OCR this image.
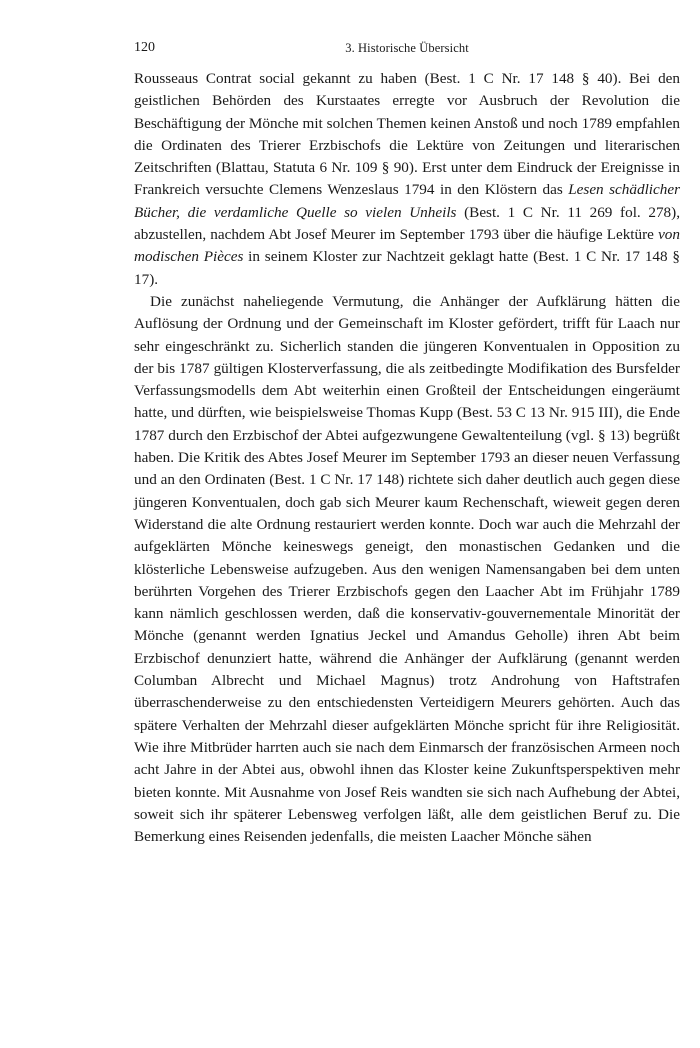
120	3. Historische Übersicht

Rousseaus Contrat social gekannt zu haben (Best. 1 C Nr. 17 148 § 40). Bei den geistlichen Behörden des Kurstaates erregte vor Ausbruch der Revolution die Beschäftigung der Mönche mit solchen Themen keinen Anstoß und noch 1789 empfahlen die Ordinaten des Trierer Erzbischofs die Lektüre von Zeitungen und literarischen Zeitschriften (Blattau, Statuta 6 Nr. 109 § 90). Erst unter dem Eindruck der Ereignisse in Frankreich versuchte Clemens Wenzeslaus 1794 in den Klöstern das Lesen schädlicher Bücher, die verdamliche Quelle so vielen Unheils (Best. 1 C Nr. 11 269 fol. 278), abzustellen, nachdem Abt Josef Meurer im September 1793 über die häufige Lektüre von modischen Pièces in seinem Kloster zur Nachtzeit geklagt hatte (Best. 1 C Nr. 17 148 § 17).

Die zunächst naheliegende Vermutung, die Anhänger der Aufklärung hätten die Auflösung der Ordnung und der Gemeinschaft im Kloster gefördert, trifft für Laach nur sehr eingeschränkt zu. Sicherlich standen die jüngeren Konventualen in Opposition zu der bis 1787 gültigen Klosterverfassung, die als zeitbedingte Modifikation des Bursfelder Verfassungsmodells dem Abt weiterhin einen Großteil der Entscheidungen eingeräumt hatte, und dürften, wie beispielsweise Thomas Kupp (Best. 53 C 13 Nr. 915 III), die Ende 1787 durch den Erzbischof der Abtei aufgezwungene Gewaltenteilung (vgl. § 13) begrüßt haben. Die Kritik des Abtes Josef Meurer im September 1793 an dieser neuen Verfassung und an den Ordinaten (Best. 1 C Nr. 17 148) richtete sich daher deutlich auch gegen diese jüngeren Konventualen, doch gab sich Meurer kaum Rechenschaft, wieweit gegen deren Widerstand die alte Ordnung restauriert werden konnte. Doch war auch die Mehrzahl der aufgeklärten Mönche keineswegs geneigt, den monastischen Gedanken und die klösterliche Lebensweise aufzugeben. Aus den wenigen Namensangaben bei dem unten berührten Vorgehen des Trierer Erzbischofs gegen den Laacher Abt im Frühjahr 1789 kann nämlich geschlossen werden, daß die konservativ-gouvernementale Minorität der Mönche (genannt werden Ignatius Jeckel und Amandus Geholle) ihren Abt beim Erzbischof denunziert hatte, während die Anhänger der Aufklärung (genannt werden Columban Albrecht und Michael Magnus) trotz Androhung von Haftstrafen überraschenderweise zu den entschiedensten Verteidigern Meurers gehörten. Auch das spätere Verhalten der Mehrzahl dieser aufgeklärten Mönche spricht für ihre Religiosität. Wie ihre Mitbrüder harrten auch sie nach dem Einmarsch der französischen Armeen noch acht Jahre in der Abtei aus, obwohl ihnen das Kloster keine Zukunftsperspektiven mehr bieten konnte. Mit Ausnahme von Josef Reis wandten sie sich nach Aufhebung der Abtei, soweit sich ihr späterer Lebensweg verfolgen läßt, alle dem geistlichen Beruf zu. Die Bemerkung eines Reisenden jedenfalls, die meisten Laacher Mönche sähen
